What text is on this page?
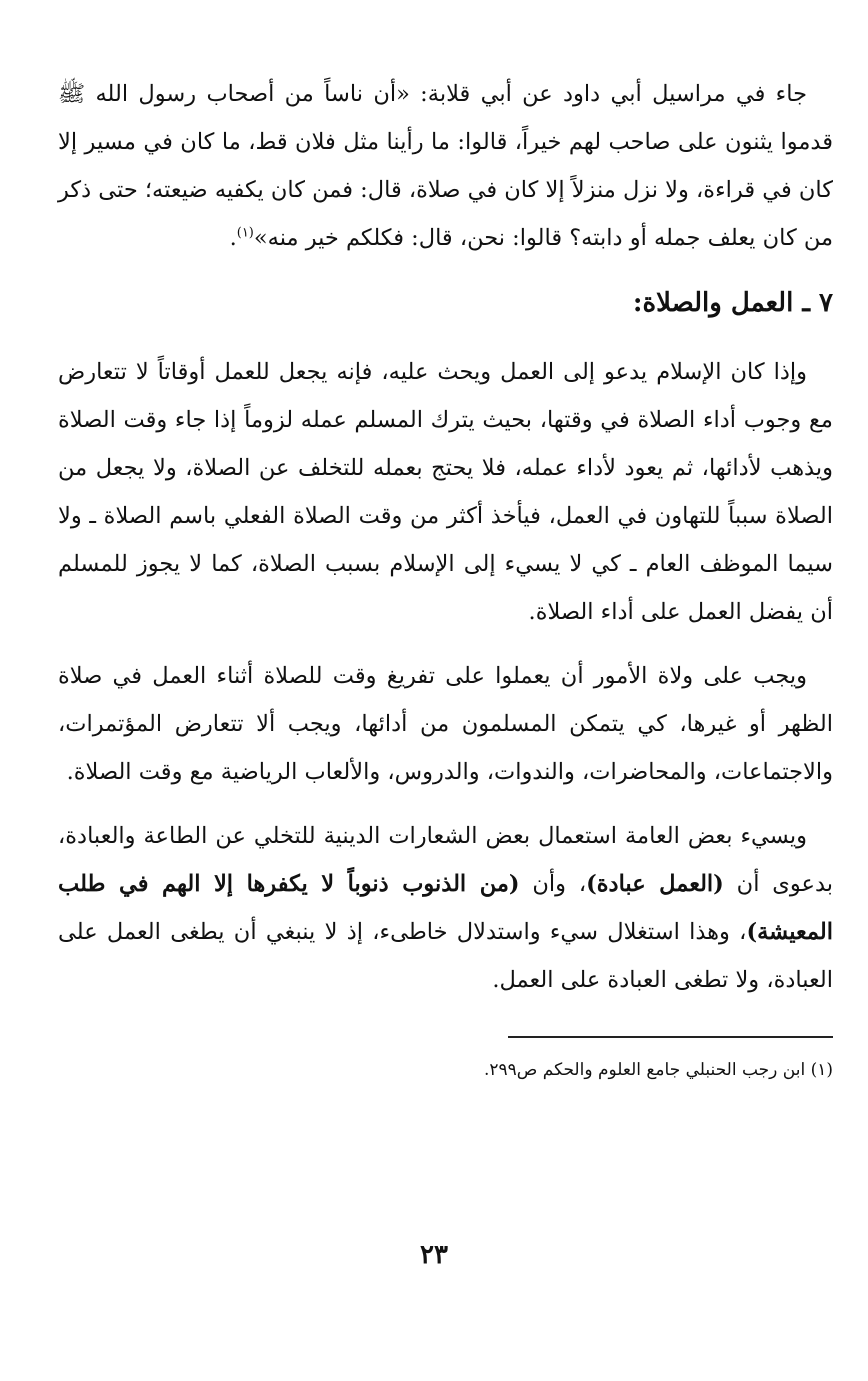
جاء في مراسيل أبي داود عن أبي قلابة: «أن ناساً من أصحاب رسول الله ﷺ قدموا يثنون على صاحب لهم خيراً، قالوا: ما رأينا مثل فلان قط، ما كان في مسير إلا كان في قراءة، ولا نزل منزلاً إلا كان في صلاة، قال: فمن كان يكفيه ضيعته؛ حتى ذكر من كان يعلف جمله أو دابته؟ قالوا: نحن، قال: فكلكم خير منه»$^{(١)}$.

٧ ـ العمل والصلاة:

وإذا كان الإسلام يدعو إلى العمل ويحث عليه، فإنه يجعل للعمل أوقاتاً لا تتعارض مع وجوب أداء الصلاة في وقتها، بحيث يترك المسلم عمله لزوماً إذا جاء وقت الصلاة ويذهب لأدائها، ثم يعود لأداء عمله، فلا يحتج بعمله للتخلف عن الصلاة، ولا يجعل من الصلاة سبباً للتهاون في العمل، فيأخذ أكثر من وقت الصلاة الفعلي باسم الصلاة ـ ولا سيما الموظف العام ـ كي لا يسيء إلى الإسلام بسبب الصلاة، كما لا يجوز للمسلم أن يفضل العمل على أداء الصلاة.

ويجب على ولاة الأمور أن يعملوا على تفريغ وقت للصلاة أثناء العمل في صلاة الظهر أو غيرها، كي يتمكن المسلمون من أدائها، ويجب ألا تتعارض المؤتمرات، والاجتماعات، والمحاضرات، والندوات، والدروس، والألعاب الرياضية مع وقت الصلاة.

ويسيء بعض العامة استعمال بعض الشعارات الدينية للتخلي عن الطاعة والعبادة، بدعوى أن (العمل عبادة)، وأن (من الذنوب ذنوباً لا يكفرها إلا الهم في طلب المعيشة)، وهذا استغلال سيء واستدلال خاطىء، إذ لا ينبغي أن يطغى العمل على العبادة، ولا تطغى العبادة على العمل.

(١) ابن رجب الحنبلي جامع العلوم والحكم ص٢٩٩.

٢٣
